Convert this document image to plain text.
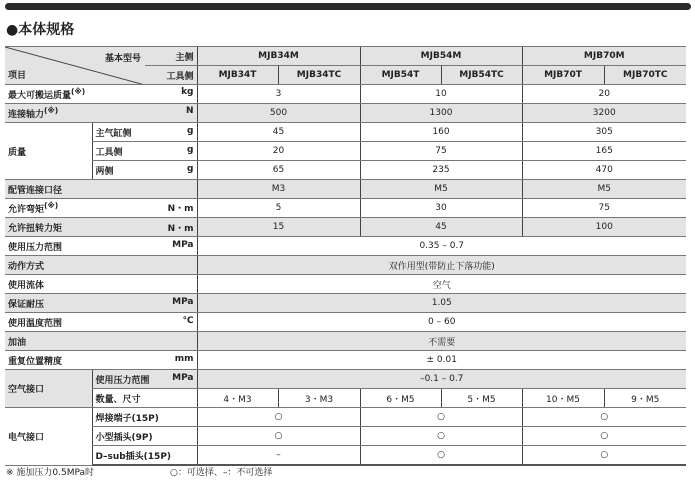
●本体规格
基本型号
项目		主侧	MJB34M		MJB54M		MJB70M	
		工具侧	MJB34T	MJB34TC	MJB54T	MJB54TC	MJB70T	MJB70TC

最大可搬运质量(※) kg			3		10		20	

连接轴力(※) N			500		1300		3200	
质量	主气缸侧 g		45		160		305	

	工具侧 g		20		75		165	

	两侧 g		65		235		470	
配管连接口径			M3		M5		M5	

允许弯矩(※) N・m			5		30		75	

允许扭转力矩 N・m			15		45		100	

使用压力范围 MPa			0.35 – 0.7					
动作方式			双作用型(带防止下落功能)					
使用流体			空气					

保证耐压 MPa			1.05					

使用温度范围 ℃			0 – 60					
加油			不需要					

重复位置精度 mm			± 0.01					
空气接口	使用压力范围 MPa		–0.1 – 0.7					
	数量、尺寸		4・M3	3・M3	6・M5	5・M5	10・M5	9・M5
电气接口	焊接端子(15P)		○		○		○	
	小型插头(9P)		○		○		○	
	D–sub插头(15P)		–		○		○	
※ 施加压力0.5MPa时	○：可选择、–：不可选择
